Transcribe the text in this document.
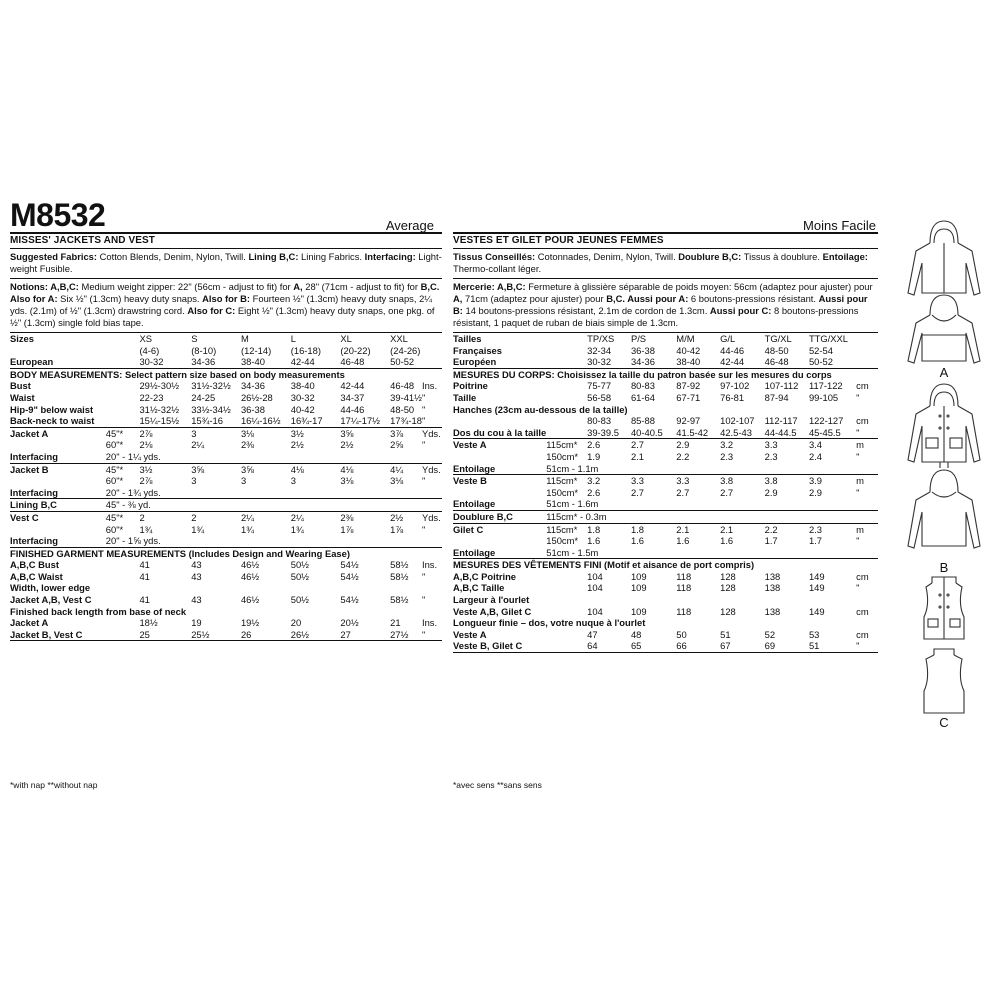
M8532	Average
MISSES' JACKETS AND VEST
Suggested Fabrics: Cotton Blends, Denim, Nylon, Twill. Lining B,C: Lining Fabrics. Interfacing: Light-weight Fusible.
Notions: A,B,C: Medium weight zipper: 22" (56cm - adjust to fit) for A, 28" (71cm - adjust to fit) for B,C. Also for A: Six ½" (1.3cm) heavy duty snaps. Also for B: Fourteen ½" (1.3cm) heavy duty snaps, 2¼ yds. (2.1m) of ½" (1.3cm) drawstring cord. Also for C: Eight ½" (1.3cm) heavy duty snaps, one pkg. of ½" (1.3cm) single fold bias tape.
Sizes		XS	S	M	L	XL	XXL	
		(4-6)	(8-10)	(12-14)	(16-18)	(20-22)	(24-26)	
European		30-32	34-36	38-40	42-44	46-48	50-52	
BODY MEASUREMENTS: Select pattern size based on body measurements								
Bust		29½-30½	31½-32½	34-36	38-40	42-44	46-48	Ins.
Waist		22-23	24-25	26½-28	30-32	34-37	39-41½	"
Hip-9" below waist		31½-32½	33½-34½	36-38	40-42	44-46	48-50	"
Back-neck to waist		15¼-15½	15¾-16	16¼-16½	16¾-17	17¼-17½	17¾-18	"
Jacket A	45"*	2⅞	3	3⅛	3½	3⅝	3⅞	Yds.
	60"*	2⅛	2¼	2⅜	2½	2½	2⅝	"
Interfacing	20" - 1¼ yds.							
Jacket B	45"*	3½	3⅝	3⅝	4⅛	4⅛	4¼	Yds.
	60"*	2⅞	3	3	3	3⅛	3⅛	"
Interfacing	20" - 1¾ yds.							
Lining B,C	45" - ⅜ yd.							
Vest C	45"*	2	2	2¼	2¼	2⅜	2½	Yds.
	60"*	1¾	1¾	1¾	1¾	1⅞	1⅞	"
Interfacing	20" - 1⅝ yds.							
FINISHED GARMENT MEASUREMENTS (Includes Design and Wearing Ease)								
A,B,C Bust		41	43	46½	50½	54½	58½	Ins.
A,B,C Waist		41	43	46½	50½	54½	58½	"
Width, lower edge								
Jacket A,B, Vest C		41	43	46½	50½	54½	58½	"
Finished back length from base of neck								
Jacket A		18½	19	19½	20	20½	21	Ins.
Jacket B, Vest C		25	25½	26	26½	27	27½	"
*with nap **without nap
Moins Facile
VESTES ET GILET POUR JEUNES FEMMES
Tissus Conseillés: Cotonnades, Denim, Nylon, Twill. Doublure B,C: Tissus à doublure. Entoilage: Thermo-collant léger.
Mercerie: A,B,C: Fermeture à glissière séparable de poids moyen: 56cm (adaptez pour ajuster) pour A, 71cm (adaptez pour ajuster) pour B,C. Aussi pour A: 6 boutons-pressions résistant. Aussi pour B: 14 boutons-pressions résistant, 2.1m de cordon de 1.3cm. Aussi pour C: 8 boutons-pressions résistant, 1 paquet de ruban de biais simple de 1.3cm.
Tailles		TP/XS	P/S	M/M	G/L	TG/XL	TTG/XXL	
Françaises		32-34	36-38	40-42	44-46	48-50	52-54	
Européen		30-32	34-36	38-40	42-44	46-48	50-52	
MESURES DU CORPS: Choisissez la taille du patron basée sur les mesures du corps								
Poitrine		75-77	80-83	87-92	97-102	107-112	117-122	cm
Taille		56-58	61-64	67-71	76-81	87-94	99-105	"
Hanches (23cm au-dessous de la taille)								
		80-83	85-88	92-97	102-107	112-117	122-127	cm
Dos du cou à la taille		39-39.5	40-40.5	41.5-42	42.5-43	44-44.5	45-45.5	"
Veste A	115cm*	2.6	2.7	2.9	3.2	3.3	3.4	m
	150cm*	1.9	2.1	2.2	2.3	2.3	2.4	"
Entoilage	51cm - 1.1m							
Veste B	115cm*	3.2	3.3	3.3	3.8	3.8	3.9	m
	150cm*	2.6	2.7	2.7	2.7	2.9	2.9	"
Entoilage	51cm - 1.6m							
Doublure B,C	115cm* - 0.3m							
Gilet C	115cm*	1.8	1.8	2.1	2.1	2.2	2.3	m
	150cm*	1.6	1.6	1.6	1.6	1.7	1.7	"
Entoilage	51cm - 1.5m							
MESURES DES VÊTEMENTS FINI (Motif et aisance de port compris)								
A,B,C Poitrine		104	109	118	128	138	149	cm
A,B,C Taille		104	109	118	128	138	149	"
Largeur à l'ourlet								
Veste A,B, Gilet C		104	109	118	128	138	149	cm
Longueur finie – dos, votre nuque à l'ourlet								
Veste A		47	48	50	51	52	53	cm
Veste B, Gilet C		64	65	66	67	69	51	"
*avec sens **sans sens
A
B
C
